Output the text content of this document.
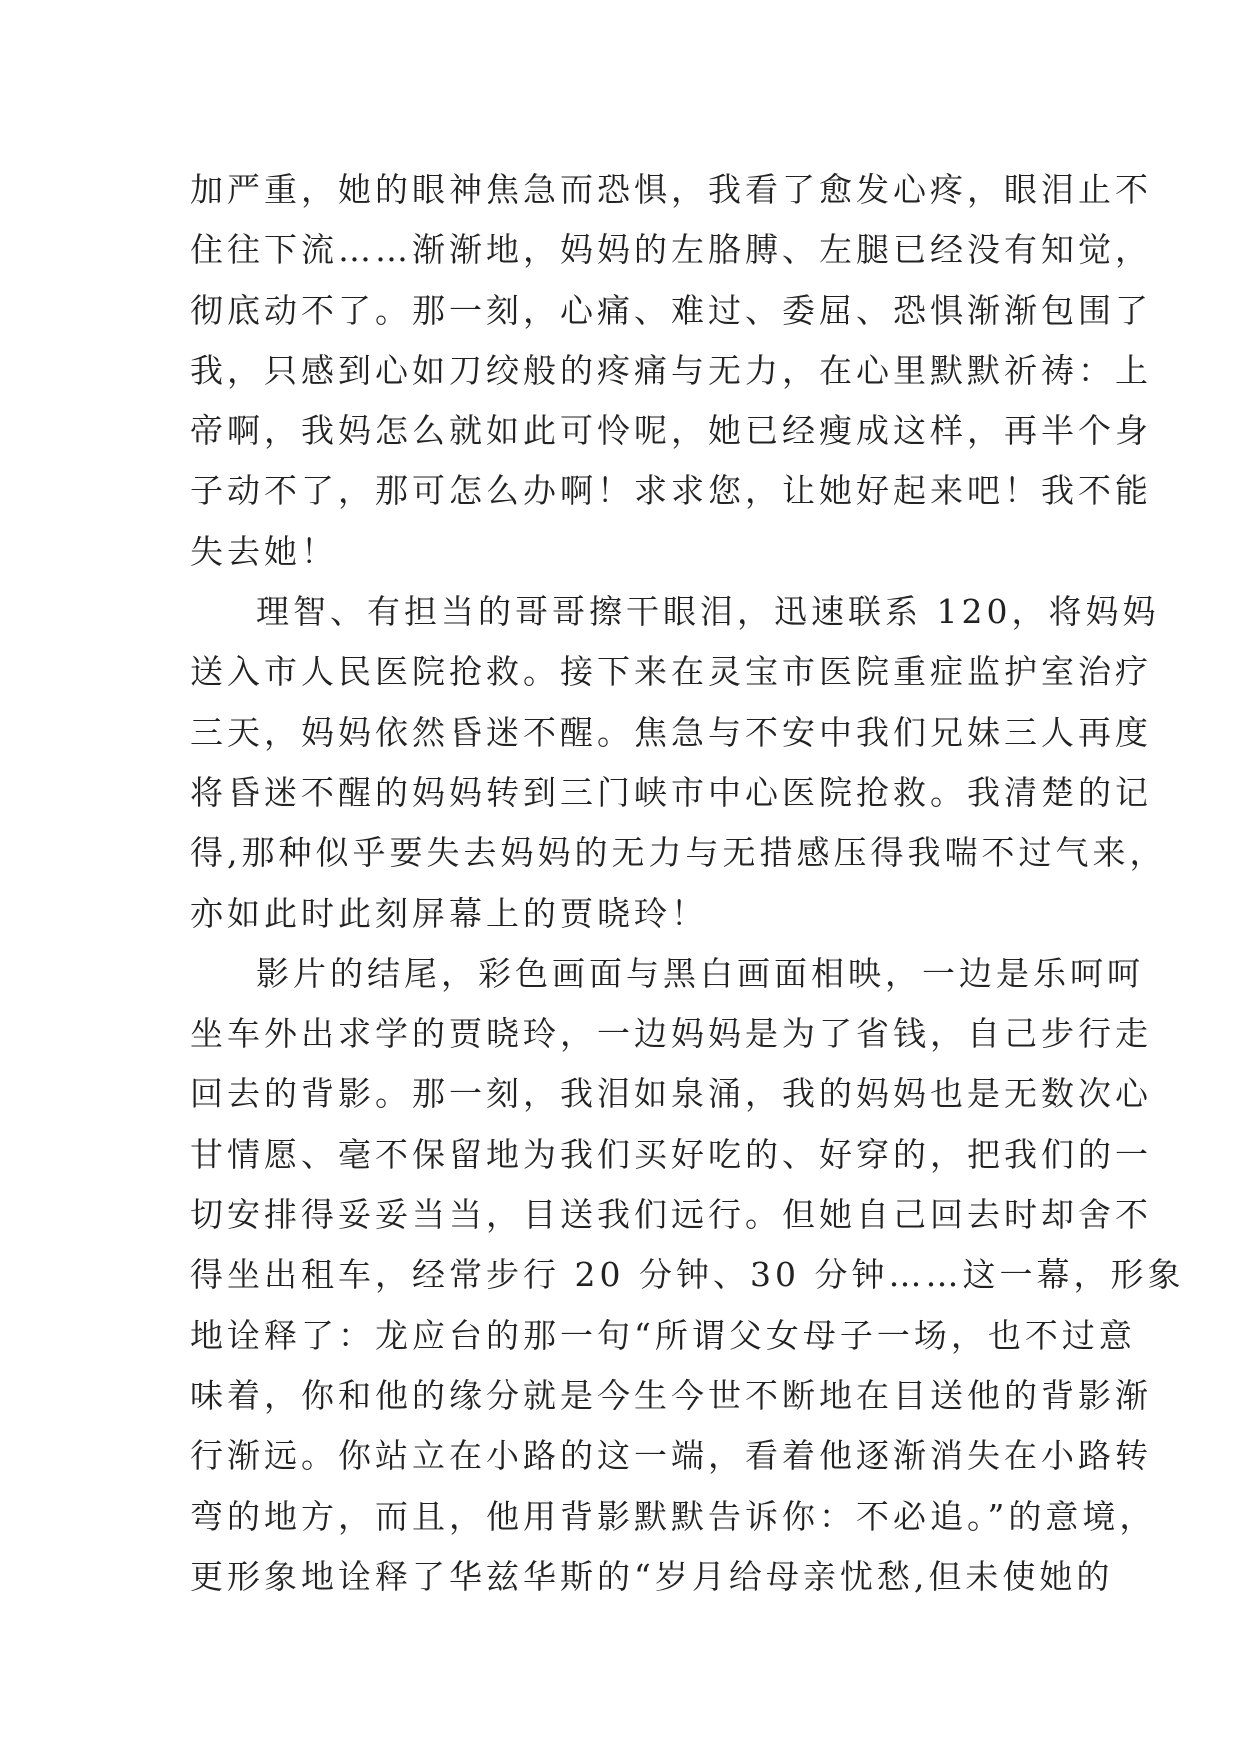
加严重，她的眼神焦急而恐惧，我看了愈发心疼，眼泪止不
住往下流……渐渐地，妈妈的左胳膊、左腿已经没有知觉，
彻底动不了。那一刻，心痛、难过、委屈、恐惧渐渐包围了
我，只感到心如刀绞般的疼痛与无力，在心里默默祈祷：上
帝啊，我妈怎么就如此可怜呢，她已经瘦成这样，再半个身
子动不了，那可怎么办啊！求求您，让她好起来吧！我不能
失去她！
理智、有担当的哥哥擦干眼泪，迅速联系 120，将妈妈
送入市人民医院抢救。接下来在灵宝市医院重症监护室治疗
三天，妈妈依然昏迷不醒。焦急与不安中我们兄妹三人再度
将昏迷不醒的妈妈转到三门峡市中心医院抢救。我清楚的记
得,那种似乎要失去妈妈的无力与无措感压得我喘不过气来，
亦如此时此刻屏幕上的贾晓玲！
影片的结尾，彩色画面与黑白画面相映，一边是乐呵呵
坐车外出求学的贾晓玲，一边妈妈是为了省钱，自己步行走
回去的背影。那一刻，我泪如泉涌，我的妈妈也是无数次心
甘情愿、毫不保留地为我们买好吃的、好穿的，把我们的一
切安排得妥妥当当，目送我们远行。但她自己回去时却舍不
得坐出租车，经常步行 20 分钟、30 分钟……这一幕，形象
地诠释了：龙应台的那一句“所谓父女母子一场，也不过意
味着，你和他的缘分就是今生今世不断地在目送他的背影渐
行渐远。你站立在小路的这一端，看着他逐渐消失在小路转
弯的地方，而且，他用背影默默告诉你：不必追。”的意境，
更形象地诠释了华兹华斯的“岁月给母亲忧愁,但未使她的
